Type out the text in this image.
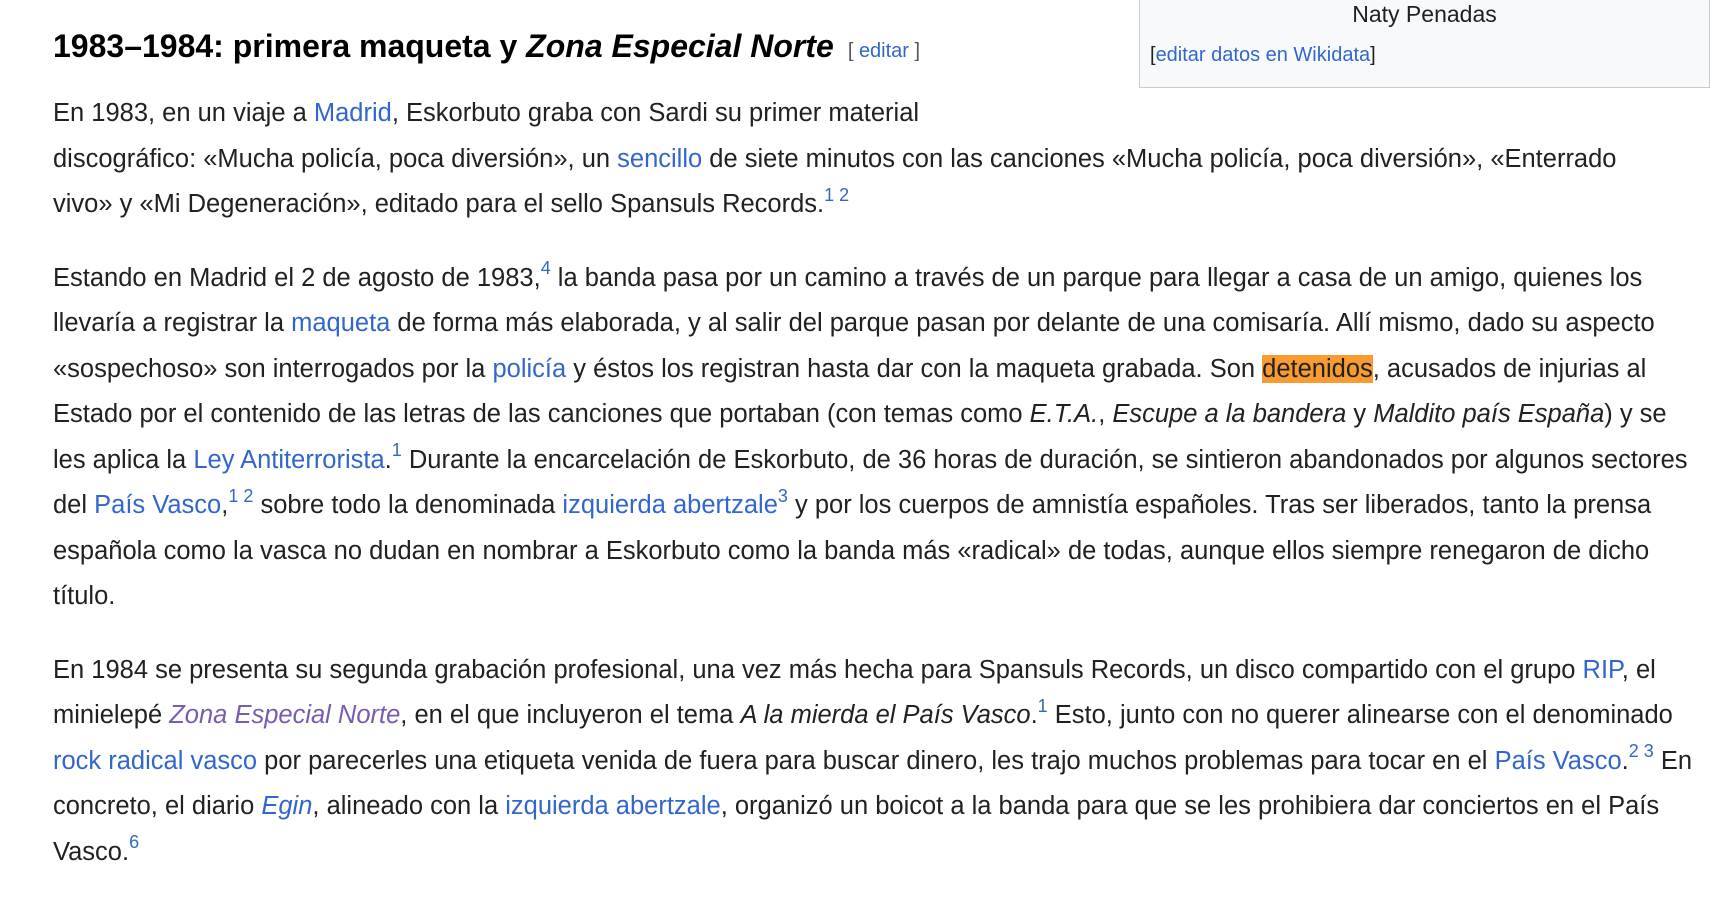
Naty Penadas
[editar datos en Wikidata]
1983–1984: primera maqueta y Zona Especial Norte [ editar ]

En 1983, en un viaje a Madrid, Eskorbuto graba con Sardi su primer material
discográfico: «Mucha policía, poca diversión», un sencillo de siete minutos con las canciones «Mucha policía, poca diversión», «Enterrado vivo» y «Mi Degeneración», editado para el sello Spansuls Records.$^{1 2}$

Estando en Madrid el 2 de agosto de 1983,$^4$ la banda pasa por un camino a través de un parque para llegar a casa de un amigo, quienes los llevaría a registrar la maqueta de forma más elaborada, y al salir del parque pasan por delante de una comisaría. Allí mismo, dado su aspecto «sospechoso» son interrogados por la policía y éstos los registran hasta dar con la maqueta grabada. Son detenidos, acusados de injurias al Estado por el contenido de las letras de las canciones que portaban (con temas como E.T.A., Escupe a la bandera y Maldito país España) y se les aplica la Ley Antiterrorista.$^1$ Durante la encarcelación de Eskorbuto, de 36 horas de duración, se sintieron abandonados por algunos sectores del País Vasco,$^{1 2}$ sobre todo la denominada izquierda abertzale$^3$ y por los cuerpos de amnistía españoles. Tras ser liberados, tanto la prensa española como la vasca no dudan en nombrar a Eskorbuto como la banda más «radical» de todas, aunque ellos siempre renegaron de dicho título.

En 1984 se presenta su segunda grabación profesional, una vez más hecha para Spansuls Records, un disco compartido con el grupo RIP, el minielepé Zona Especial Norte, en el que incluyeron el tema A la mierda el País Vasco.$^1$ Esto, junto con no querer alinearse con el denominado rock radical vasco por parecerles una etiqueta venida de fuera para buscar dinero, les trajo muchos problemas para tocar en el País Vasco.$^{2 3}$ En concreto, el diario Egin, alineado con la izquierda abertzale, organizó un boicot a la banda para que se les prohibiera dar conciertos en el País Vasco.$^6$
